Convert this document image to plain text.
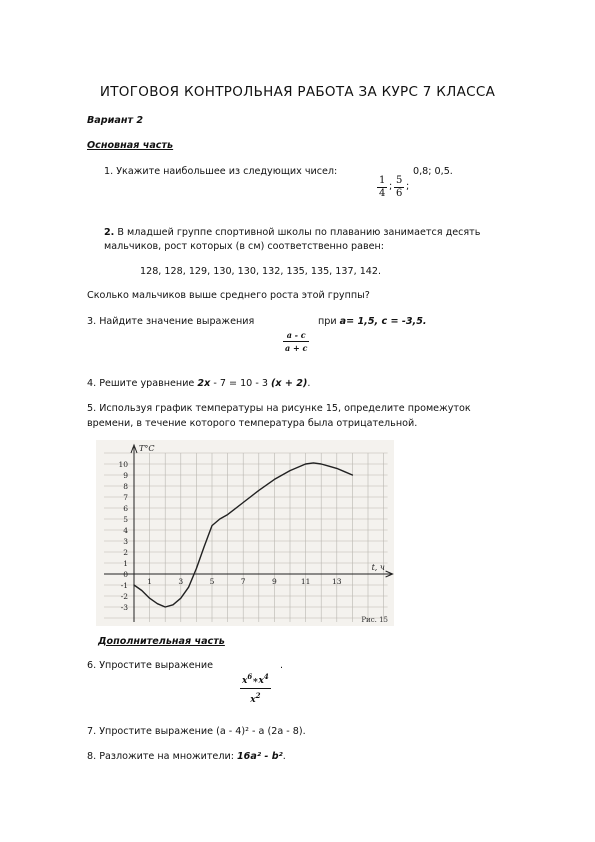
ИТОГОВОЯ КОНТРОЛЬНАЯ РАБОТА ЗА КУРС 7 КЛАССА
Вариант 2
Основная часть
1. Укажите наибольшее из следующих чисел:
1
4
;
5
6
;
0,8; 0,5.
2. В младшей группе спортивной школы по плаванию занимается десять
мальчиков, рост которых (в см) соответственно равен:
128, 128, 129, 130, 130, 132, 135, 135, 137, 142.
Сколько мальчиков выше среднего роста этой группы?
3. Найдите значение выражения
a - c
a + c
при a= 1,5, c = -3,5.
4. Решите уравнение 2x - 7 = 10 - 3 (x + 2).
5. Используя график температуры на рисунке 15, определите промежуток
времени, в течение которого температура была отрицательной.
10
9
8
7
6
5
4
3
2
1
0
-1
-2
-3
1	3	5	7	9	11	13
T°C
t, ч
Рис. 15
Дополнительная часть
6. Упростите выражение	.
$x^6∗x^4$
$x^2$
7. Упростите выражение (а - 4)² - а (2а - 8).
8. Разложите на множители: 16a² - b².
